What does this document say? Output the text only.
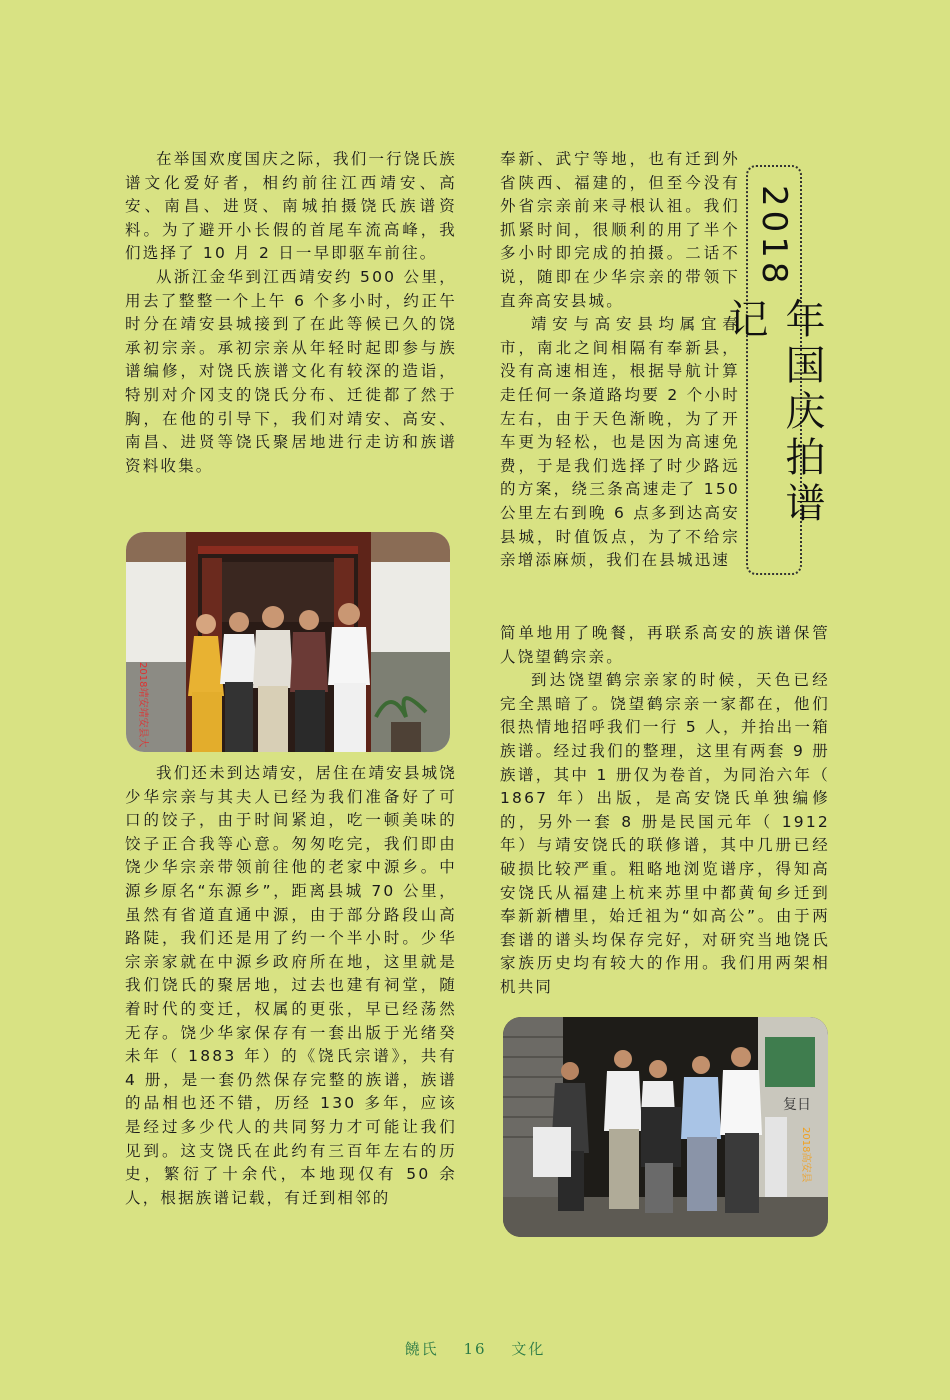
在举国欢度国庆之际，我们一行饶氏族谱文化爱好者，相约前往江西靖安、高安、南昌、进贤、南城拍摄饶氏族谱资料。为了避开小长假的首尾车流高峰，我们选择了 10 月 2 日一早即驱车前往。

从浙江金华到江西靖安约 500 公里，用去了整整一个上午 6 个多小时，约正午时分在靖安县城接到了在此等候已久的饶承初宗亲。承初宗亲从年轻时起即参与族谱编修，对饶氏族谱文化有较深的造诣，特别对介冈支的饶氏分布、迁徙都了然于胸，在他的引导下，我们对靖安、高安、南昌、进贤等饶氏聚居地进行走访和族谱资料收集。

2018靖安靖安县大

我们还未到达靖安，居住在靖安县城饶少华宗亲与其夫人已经为我们准备好了可口的饺子，由于时间紧迫，吃一顿美味的饺子正合我等心意。匆匆吃完，我们即由饶少华宗亲带领前往他的老家中源乡。中源乡原名“东源乡”，距离县城 70 公里，虽然有省道直通中源，由于部分路段山高路陡，我们还是用了约一个半小时。少华宗亲家就在中源乡政府所在地，这里就是我们饶氏的聚居地，过去也建有祠堂，随着时代的变迁，权属的更张，早已经荡然无存。饶少华家保存有一套出版于光绪癸未年（ 1883 年）的《饶氏宗谱》，共有 4 册，是一套仍然保存完整的族谱，族谱的品相也还不错，历经 130 多年，应该是经过多少代人的共同努力才可能让我们见到。这支饶氏在此约有三百年左右的历史，繁衍了十余代，本地现仅有 50 余人，根据族谱记载，有迁到相邻的

奉新、武宁等地，也有迁到外省陕西、福建的，但至今没有外省宗亲前来寻根认祖。我们抓紧时间，很顺利的用了半个多小时即完成的拍摄。二话不说，随即在少华宗亲的带领下直奔高安县城。

靖安与高安县均属宜春市，南北之间相隔有奉新县，没有高速相连，根据导航计算走任何一条道路均要 2 个小时左右，由于天色渐晚，为了开车更为轻松，也是因为高速免费，于是我们选择了时少路远的方案，绕三条高速走了 150 公里左右到晚 6 点多到达高安县城，时值饭点，为了不给宗亲增添麻烦，我们在县城迅速

2018
年国庆拍谱记

简单地用了晚餐，再联系高安的族谱保管人饶望鹤宗亲。

到达饶望鹤宗亲家的时候，天色已经完全黑暗了。饶望鹤宗亲一家都在，他们很热情地招呼我们一行 5 人，并抬出一箱族谱。经过我们的整理，这里有两套 9 册族谱，其中 1 册仅为卷首，为同治六年（ 1867 年）出版，是高安饶氏单独编修的，另外一套 8 册是民国元年（ 1912 年）与靖安饶氏的联修谱，其中几册已经破损比较严重。粗略地浏览谱序，得知高安饶氏从福建上杭来苏里中都黄甸乡迁到奉新新槽里，始迁祖为“如高公”。由于两套谱的谱头均保存完好，对研究当地饶氏家族历史均有较大的作用。我们用两架相机共同

复日
2018高安县
饒氏 16 文化
